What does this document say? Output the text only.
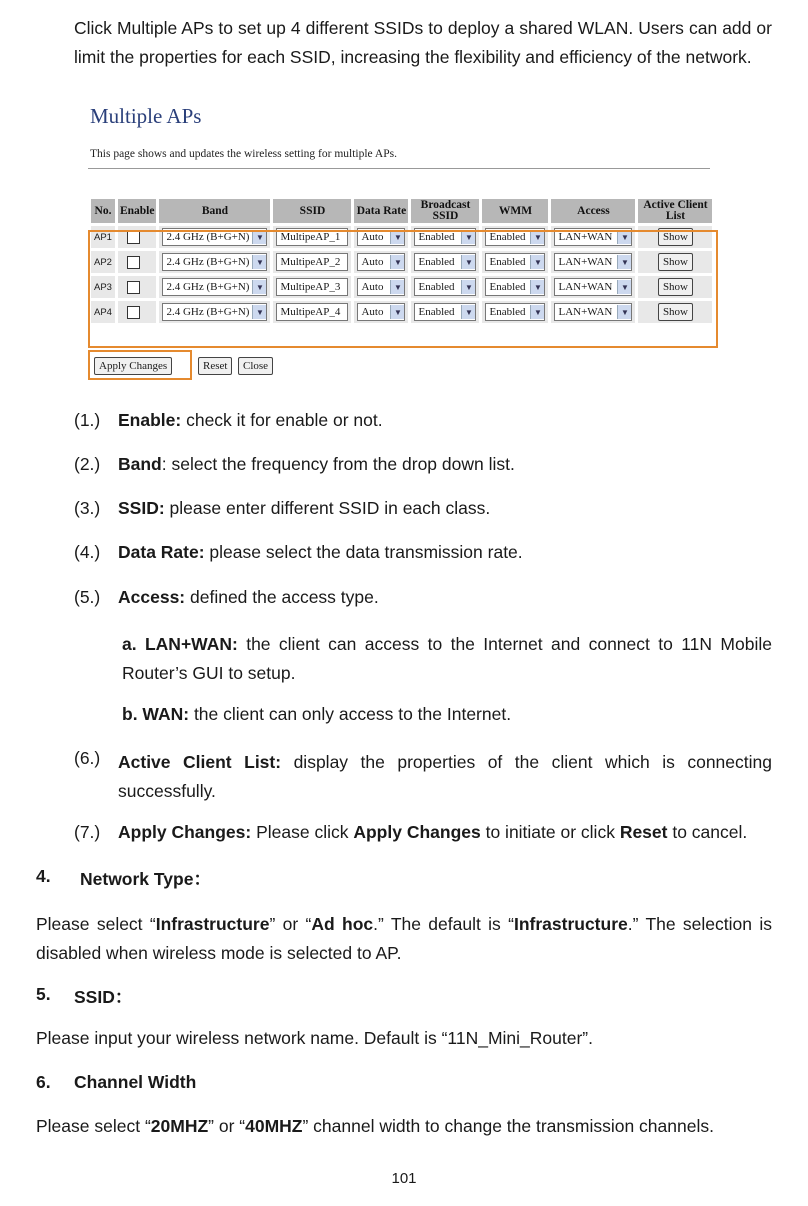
Click Multiple APs to set up 4 different SSIDs to deploy a shared WLAN. Users can add or limit the properties for each SSID, increasing the flexibility and efficiency of the network.
Multiple APs
This page shows and updates the wireless setting for multiple APs.
No.	Enable	Band	SSID	Data Rate	Broadcast SSID	WMM	Access	Active Client List
AP1		2.4 GHz (B+G+N) ▼	MultipeAP_1	Auto ▼	Enabled ▼	Enabled ▼	LAN+WAN ▼	Show
AP2		2.4 GHz (B+G+N) ▼	MultipeAP_2	Auto ▼	Enabled ▼	Enabled ▼	LAN+WAN ▼	Show
AP3		2.4 GHz (B+G+N) ▼	MultipeAP_3	Auto ▼	Enabled ▼	Enabled ▼	LAN+WAN ▼	Show
AP4		2.4 GHz (B+G+N) ▼	MultipeAP_4	Auto ▼	Enabled ▼	Enabled ▼	LAN+WAN ▼	Show
Apply Changes	Reset	Close
(1.) Enable: check it for enable or not.
(2.) Band: select the frequency from the drop down list.
(3.) SSID: please enter different SSID in each class.
(4.) Data Rate: please select the data transmission rate.
(5.) Access: defined the access type.
a. LAN+WAN: the client can access to the Internet and connect to 11N Mobile Router’s GUI to setup.
b. WAN: the client can only access to the Internet.
(6.) Active Client List: display the properties of the client which is connecting successfully.
(7.) Apply Changes: Please click Apply Changes to initiate or click Reset to cancel.
4. Network Type：
Please select “Infrastructure” or “Ad hoc.” The default is “Infrastructure.” The selection is disabled when wireless mode is selected to AP.
5. SSID：
Please input your wireless network name. Default is “11N_Mini_Router”.
6. Channel Width
Please select “20MHZ” or “40MHZ” channel width to change the transmission channels.
101
